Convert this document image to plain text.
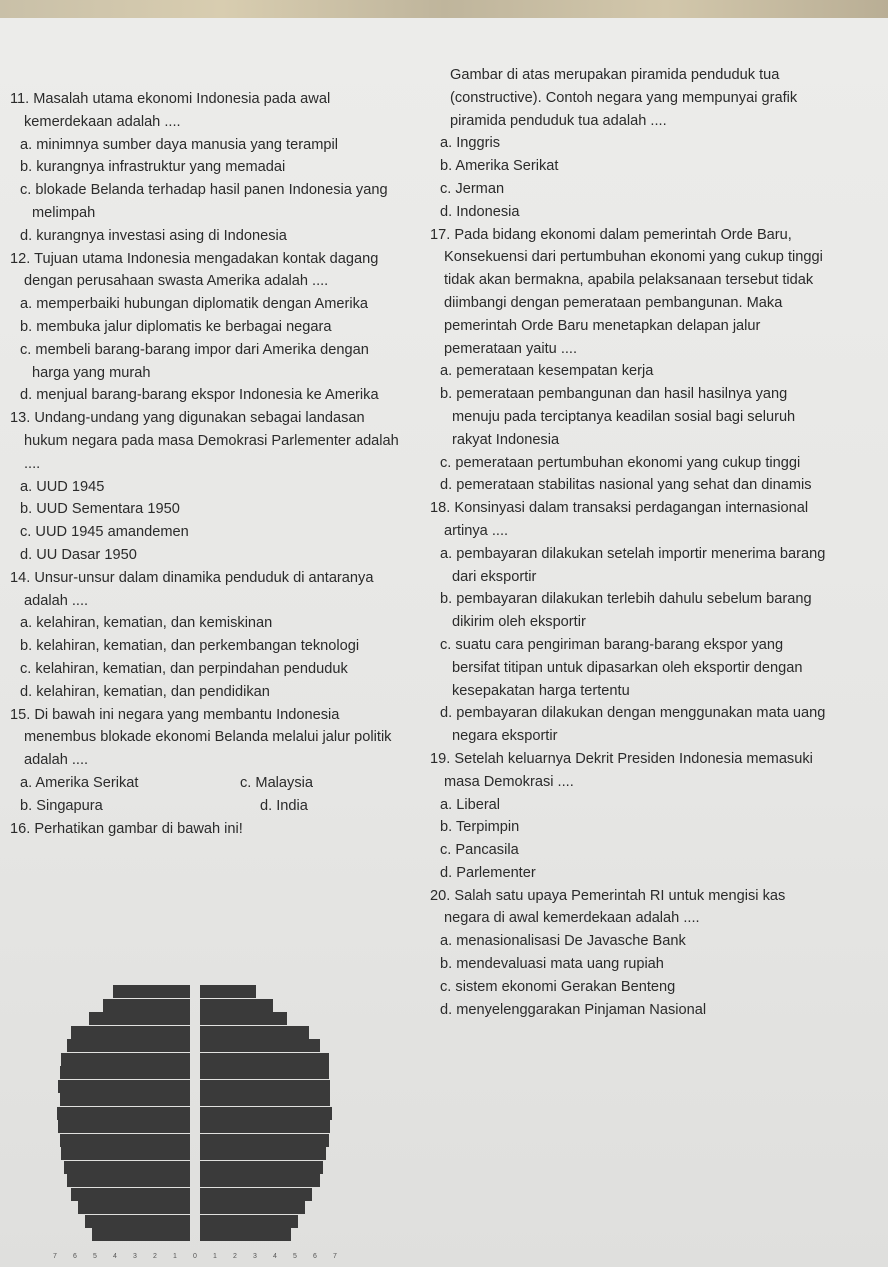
11. Masalah utama ekonomi Indonesia pada awal kemerdekaan adalah ....
a. minimnya sumber daya manusia yang terampil
b. kurangnya infrastruktur yang memadai
c. blokade Belanda terhadap hasil panen Indonesia yang melimpah
d. kurangnya investasi asing di Indonesia
12. Tujuan utama Indonesia mengadakan kontak dagang dengan perusahaan swasta Amerika adalah ....
a. memperbaiki hubungan diplomatik dengan Amerika
b. membuka jalur diplomatis ke berbagai negara
c. membeli barang-barang impor dari Amerika dengan harga yang murah
d. menjual barang-barang ekspor Indonesia ke Amerika
13. Undang-undang yang digunakan sebagai landasan hukum negara pada masa Demokrasi Parlementer adalah ....
a. UUD 1945
b. UUD Sementara 1950
c. UUD 1945 amandemen
d. UU Dasar 1950
14. Unsur-unsur dalam dinamika penduduk di antaranya adalah ....
a. kelahiran, kematian, dan kemiskinan
b. kelahiran, kematian, dan perkembangan teknologi
c. kelahiran, kematian, dan perpindahan penduduk
d. kelahiran, kematian, dan pendidikan
15. Di bawah ini negara yang membantu Indonesia menembus blokade ekonomi Belanda melalui jalur politik adalah ....
a. Amerika Serikat	c. Malaysia
b. Singapura	d. India
16. Perhatikan gambar di bawah ini!
7 6 5 4 3 2 1 0 1 2 3 4 5 6 7
Gambar di atas merupakan piramida penduduk tua (constructive). Contoh negara yang mempunyai grafik piramida penduduk tua adalah ....
a. Inggris
b. Amerika Serikat
c. Jerman
d. Indonesia
17. Pada bidang ekonomi dalam pemerintah Orde Baru, Konsekuensi dari pertumbuhan ekonomi yang cukup tinggi tidak akan bermakna, apabila pelaksanaan tersebut tidak diimbangi dengan pemerataan pembangunan. Maka pemerintah Orde Baru menetapkan delapan jalur pemerataan yaitu ....
a. pemerataan kesempatan kerja
b. pemerataan pembangunan dan hasil hasilnya yang menuju pada terciptanya keadilan sosial bagi seluruh rakyat Indonesia
c. pemerataan pertumbuhan ekonomi yang cukup tinggi
d. pemerataan stabilitas nasional yang sehat dan dinamis
18. Konsinyasi dalam transaksi perdagangan internasional artinya ....
a. pembayaran dilakukan setelah importir menerima barang dari eksportir
b. pembayaran dilakukan terlebih dahulu sebelum barang dikirim oleh eksportir
c. suatu cara pengiriman barang-barang ekspor yang bersifat titipan untuk dipasarkan oleh eksportir dengan kesepakatan harga tertentu
d. pembayaran dilakukan dengan menggunakan mata uang negara eksportir
19. Setelah keluarnya Dekrit Presiden Indonesia memasuki masa Demokrasi ....
a. Liberal
b. Terpimpin
c. Pancasila
d. Parlementer
20. Salah satu upaya Pemerintah RI untuk mengisi kas negara di awal kemerdekaan adalah ....
a. menasionalisasi De Javasche Bank
b. mendevaluasi mata uang rupiah
c. sistem ekonomi Gerakan Benteng
d. menyelenggarakan Pinjaman Nasional
